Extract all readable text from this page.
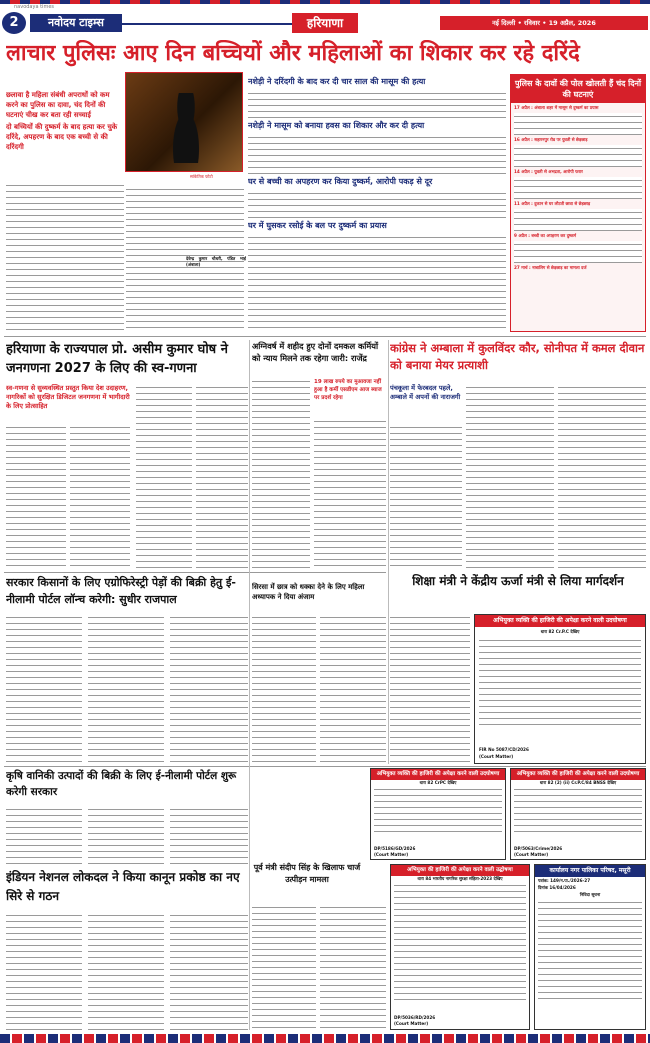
navodaya times
2	नवोदय टाइम्स	हरियाणा	नई दिल्ली • रविवार • 19 अप्रैल, 2026
लाचार पुलिसः आए दिन बच्चियों और महिलाओं का शिकार कर रहे दरिंदे
छलावा है महिला संबंधी अपराधों को कम करने का पुलिस का दावा, चंद दिनों की घटनाएं चीख कर बता रही सच्चाई
दो बच्चियों की दुष्कर्म के बाद हत्या कर चुके दरिंदे, अपहरण के बाद एक बच्ची से की दरिंदगी
सांकेतिक फोटो
देवेन्द्र कुमार चौधरी, पंडित भाई (अंबाला)
नशेड़ी ने दरिंदगी के बाद कर दी चार साल की मासूम की हत्या
नशेड़ी ने मासूम को बनाया हवस का शिकार और कर दी हत्या
घर से बच्ची का अपहरण कर किया दुष्कर्म, आरोपी पकड़ से दूर
घर में घुसकर रसोई के बल पर दुष्कर्म का प्रयास
पुलिस के दावों की पोल खोलती हैं चंद दिनों की घटनाएं
17 अप्रैल : अंबाला शहर में मासूम से दुष्कर्म का प्रयास
16 अप्रैल : सहारनपुर रोड पर युवती से छेड़छाड़
14 अप्रैल : युवती से अभद्रता, आरोपी फरार
11 अप्रैल : दुकान से घर लौटती छात्रा से छेड़छाड़
9 अप्रैल : बच्ची का अपहरण कर दुष्कर्म
27 मार्च : नाबालिग से छेड़छाड़ का मामला दर्ज
हरियाणा के राज्यपाल प्रो. असीम कुमार घोष ने जनगणना 2027 के लिए की स्व-गणना
स्व-गणना से सुव्यवस्थित प्रस्तुत किया देश उदाहरण, नागरिकों को सुरक्षित डिजिटल जनगणना में भागीदारी के लिए प्रोत्साहित
अग्निवर्ष में शहीद हुए दोनों दमकल कर्मियों को न्याय मिलने तक रहेगा जारी: राजेंद्र
19 लाख रुपये का मुआवजा नहीं हुआ है कर्मी एसडीएम आज ब्याज पर प्रदर्श रहेगा
कांग्रेस ने अम्बाला में कुलविंदर कौर, सोनीपत में कमल दीवान को बनाया मेयर प्रत्याशी
पंचकूला में फेरबदल पहले, अम्बाले में अपनों की नाराजगी
सरकार किसानों के लिए एग्रोफिरेस्ट्री पेड़ों की बिक्री हेतु ई-नीलामी पोर्टल लॉन्च करेगी: सुधीर राजपाल
सिरसा में छात्र को धक्का देने के लिए महिला अध्यापक ने दिया अंजाम
शिक्षा मंत्री ने केंद्रीय ऊर्जा मंत्री से लिया मार्गदर्शन
अभियुक्त व्यक्ति की हाजिरी की अपेक्षा करने वाली उदघोषणा
धारा 82 Cr.P.C देखिए
FIR No 5087/CD/2026
(Court Matter)
कृषि वानिकी उत्पादों की बिक्री के लिए ई-नीलामी पोर्टल शुरू करेगी सरकार
इंडियन नेशनल लोकदल ने किया कानून प्रकोष्ठ का नए सिरे से गठन
पूर्व मंत्री संदीप सिंह के खिलाफ चार्ज उत्पीड़न मामला
अभियुक्त व्यक्ति की हाजिरी की अपेक्षा करने वाली उदघोषणा
धारा 82 CrPC देखिए
DP/5186/GD/2026
(Court Matter)
अभियुक्त व्यक्ति की हाजिरी की अपेक्षा करने वाली उदघोषणा
धारा 82 (2) (ii) Cr.P.C/84 BNSS देखिए
DP/5063/Crime/2026
(Court Matter)
अभियुक्त की हाजिरी की अपेक्षा करने वाली उद्घोषणा
धारा 84 भारतीय नागरिक सुरक्षा संहिता-2023 देखिए
DP/5036/RD/2026
(Court Matter)
कार्यालय नगर पालिका परिषद, मसूरी
पत्रांक: 149/न.पा./2026-27
दिनांक 16/04/2026
निविदा सूचना
